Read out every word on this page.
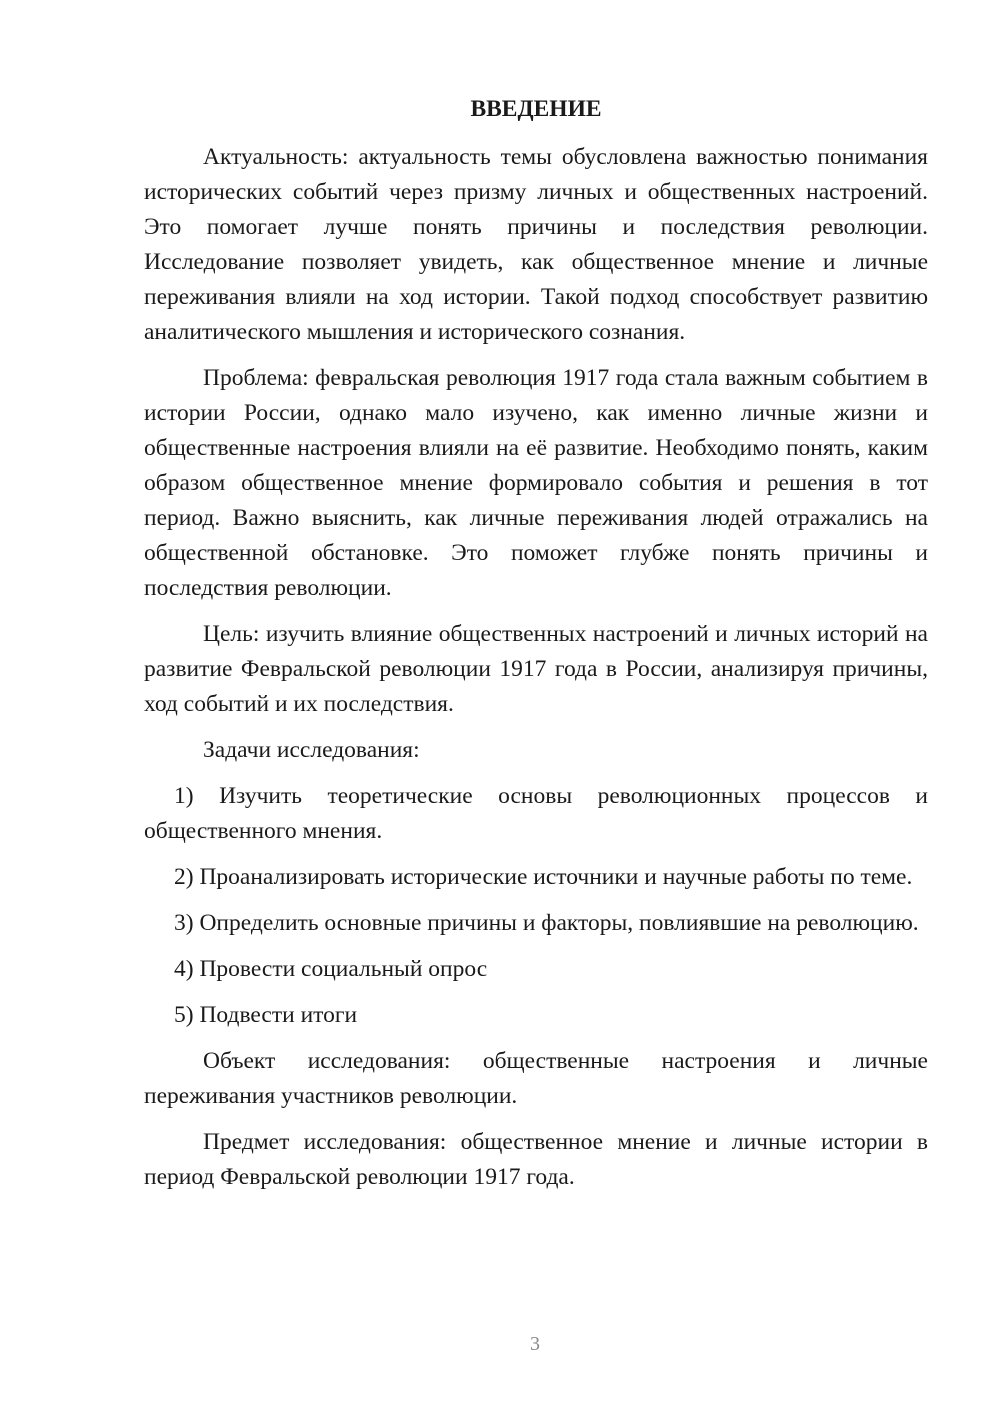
ВВЕДЕНИЕ

Актуальность: актуальность темы обусловлена важностью понимания исторических событий через призму личных и общественных настроений. Это помогает лучше понять причины и последствия революции. Исследование позволяет увидеть, как общественное мнение и личные переживания влияли на ход истории. Такой подход способствует развитию аналитического мышления и исторического сознания.

Проблема: февральская революция 1917 года стала важным событием в истории России, однако мало изучено, как именно личные жизни и общественные настроения влияли на её развитие. Необходимо понять, каким образом общественное мнение формировало события и решения в тот период. Важно выяснить, как личные переживания людей отражались на общественной обстановке. Это поможет глубже понять причины и последствия революции.

Цель: изучить влияние общественных настроений и личных историй на развитие Февральской революции 1917 года в России, анализируя причины, ход событий и их последствия.

Задачи исследования:

1) Изучить теоретические основы революционных процессов и общественного мнения.

2) Проанализировать исторические источники и научные работы по теме.

3) Определить основные причины и факторы, повлиявшие на революцию.

4) Провести социальный опрос

5) Подвести итоги

Объект исследования: общественные настроения и личные переживания участников революции.

Предмет исследования: общественное мнение и личные истории в период Февральской революции 1917 года.

3
